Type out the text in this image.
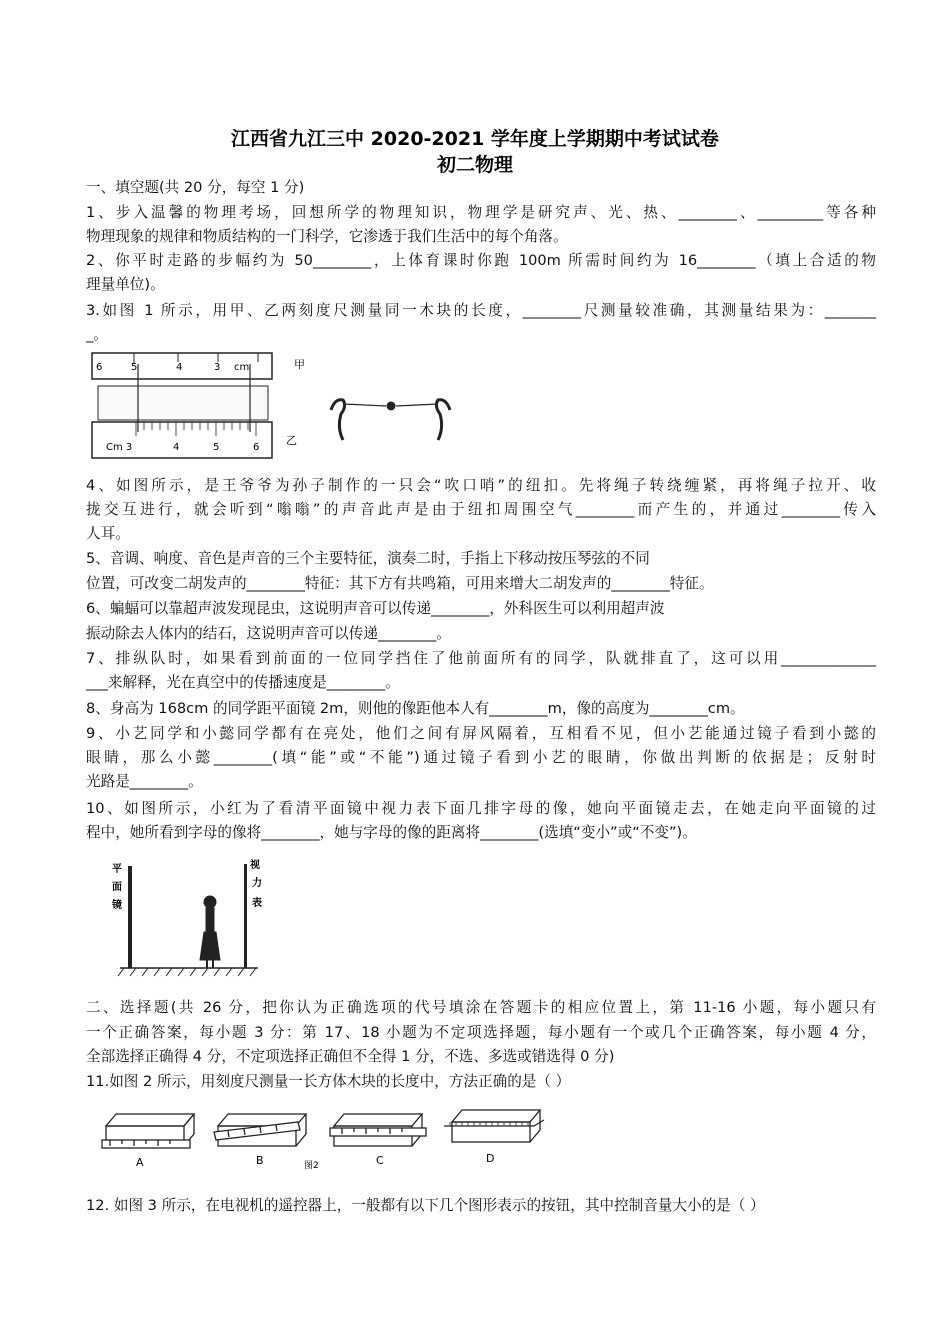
江西省九江三中 2020-2021 学年度上学期期中考试试卷
初二物理
一、填空题(共 20 分，每空 1 分)
1、步入温馨的物理考场，回想所学的物理知识，物理学是研究声、光、热、________、_________等各种
物理现象的规律和物质结构的一门科学，它渗透于我们生活中的每个角落。
2、你平时走路的步幅约为 50________，上体育课时你跑 100m 所需时间约为 16________（填上合适的物
理量单位)。
3.如图 1 所示，用甲、乙两刻度尺测量同一木块的长度，________尺测量较准确，其测量结果为：_______
_。
6	5	4	3 cm	甲
Cm 3	4	5	6
乙
4、如图所示，是王爷爷为孙子制作的一只会“吹口哨”的纽扣。先将绳子转绕缠紧，再将绳子拉开、收
拢交互进行，就会听到“嗡嗡”的声音此声是由于纽扣周围空气________而产生的，并通过________传入
人耳。
5、音调、响度、音色是声音的三个主要特征，演奏二时，手指上下移动按压琴弦的不同
位置，可改变二胡发声的________特征：其下方有共鸣箱，可用来增大二胡发声的________特征。
6、蝙蝠可以靠超声波发现昆虫，这说明声音可以传递________，外科医生可以利用超声波
振动除去人体内的结石，这说明声音可以传递________。
7、排纵队时，如果看到前面的一位同学挡住了他前面所有的同学，队就排直了，这可以用_____________
___来解释，光在真空中的传播速度是________。
8、身高为 168cm 的同学距平面镜 2m，则他的像距他本人有________m，像的高度为________cm。
9、小艺同学和小懿同学都有在亮处，他们之间有屏风隔着，互相看不见，但小艺能通过镜子看到小懿的
眼睛，那么小懿________(填“能”或“不能”)通过镜子看到小艺的眼睛，你做出判断的依据是；反射时
光路是________。
10、如图所示，小红为了看清平面镜中视力表下面几排字母的像，她向平面镜走去，在她走向平面镜的过
程中，她所看到字母的像将________，她与字母的像的距离将________(选填“变小”或“不变”)。
平
面
镜
视
力
表
二、选择题(共 26 分，把你认为正确选项的代号填涂在答题卡的相应位置上，第 11-16 小题，每小题只有
一个正确答案，每小题 3 分：第 17、18 小题为不定项选择题，每小题有一个或几个正确答案，每小题 4 分，
全部选择正确得 4 分，不定项选择正确但不全得 1 分，不选、多选或错选得 0 分)
11.如图 2 所示，用刻度尺测量一长方体木块的长度中，方法正确的是（ ）
A	B	图2	C	D
12. 如图 3 所示，在电视机的遥控器上，一般都有以下几个图形表示的按钮，其中控制音量大小的是（ ）
